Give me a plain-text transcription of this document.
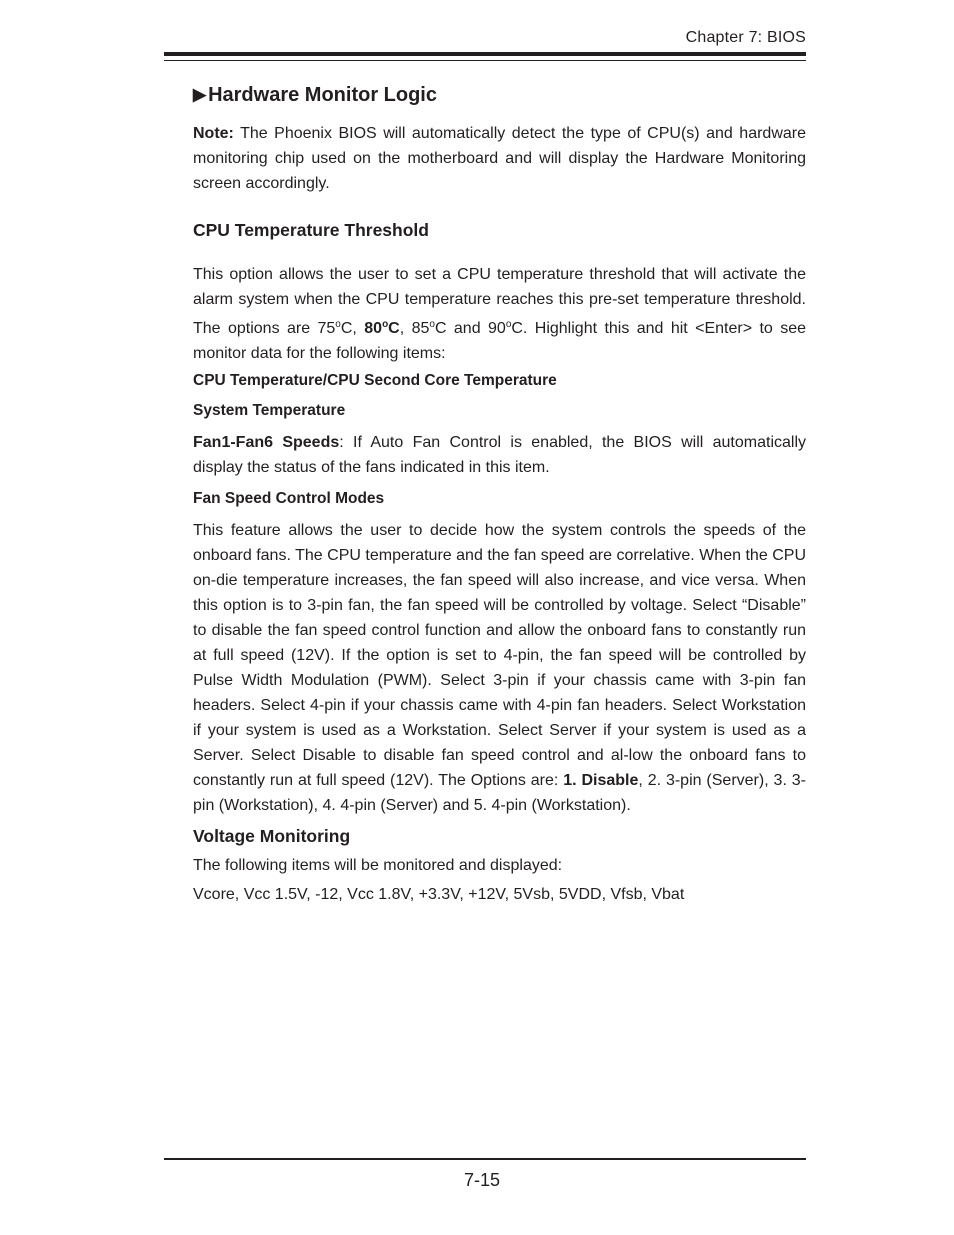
Chapter 7: BIOS
▶ Hardware Monitor Logic

Note: The Phoenix BIOS will automatically detect the type of CPU(s) and hardware monitoring chip used on the motherboard and will display the Hardware Monitoring screen accordingly.

CPU Temperature Threshold

This option allows the user to set a CPU temperature threshold that will activate the alarm system when the CPU temperature reaches this pre-set temperature threshold. The options are 75$^o$C, 80$^o$C, 85$^o$C and 90$^o$C. Highlight this and hit <Enter> to see monitor data for the following items:

CPU Temperature/CPU Second Core Temperature
System Temperature

Fan1-Fan6 Speeds: If Auto Fan Control is enabled, the BIOS will automatically display the status of the fans indicated in this item.

Fan Speed Control Modes

This feature allows the user to decide how the system controls the speeds of the onboard fans. The CPU temperature and the fan speed are correlative. When the CPU on-die temperature increases, the fan speed will also increase, and vice versa. When this option is to 3-pin fan, the fan speed will be controlled by voltage. Select “Disable” to disable the fan speed control function and allow the onboard fans to constantly run at full speed (12V). If the option is set to 4-pin, the fan speed will be controlled by Pulse Width Modulation (PWM). Select 3-pin if your chassis came with 3-pin fan headers. Select 4-pin if your chassis came with 4-pin fan headers. Select Workstation if your system is used as a Workstation. Select Server if your system is used as a Server. Select Disable to disable fan speed control and al-low the onboard fans to constantly run at full speed (12V). The Options are: 1. Disable, 2. 3-pin (Server), 3. 3-pin (Workstation), 4. 4-pin (Server) and 5. 4-pin (Workstation).

Voltage Monitoring

The following items will be monitored and displayed:

Vcore, Vcc 1.5V, -12, Vcc 1.8V, +3.3V, +12V, 5Vsb, 5VDD, Vfsb, Vbat

7-15
